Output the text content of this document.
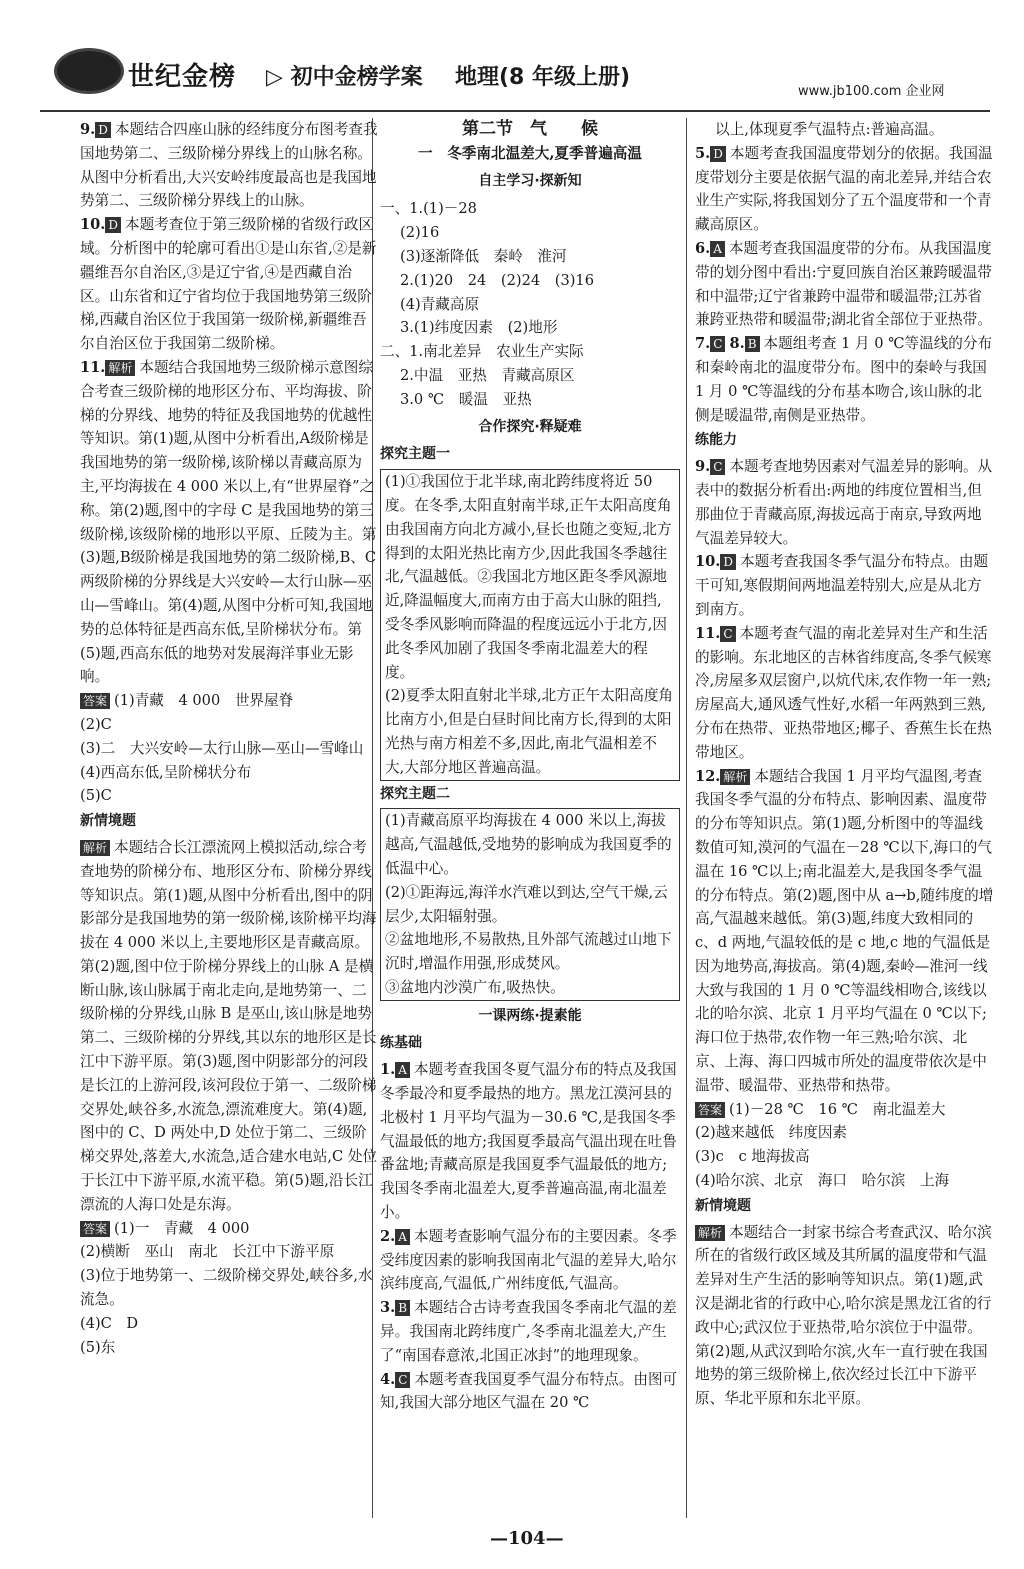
世纪金榜 ▷ 初中金榜学案 地理(8 年级上册)
www.jb100.com 企业网

9. D 本题结合四座山脉的经纬度分布图考查我国地势第二、三级阶梯分界线上的山脉名称。从图中分析看出,大兴安岭纬度最高也是我国地势第二、三级阶梯分界线上的山脉。

10. D 本题考查位于第三级阶梯的省级行政区域。分析图中的轮廓可看出①是山东省,②是新疆维吾尔自治区,③是辽宁省,④是西藏自治区。山东省和辽宁省均位于我国地势第三级阶梯,西藏自治区位于我国第一级阶梯,新疆维吾尔自治区位于我国第二级阶梯。

11. 解析 本题结合我国地势三级阶梯示意图综合考查三级阶梯的地形区分布、平均海拔、阶梯的分界线、地势的特征及我国地势的优越性等知识。第(1)题,从图中分析看出,A级阶梯是我国地势的第一级阶梯,该阶梯以青藏高原为主,平均海拔在 4 000 米以上,有“世界屋脊”之称。第(2)题,图中的字母 C 是我国地势的第三级阶梯,该级阶梯的地形以平原、丘陵为主。第(3)题,B级阶梯是我国地势的第二级阶梯,B、C两级阶梯的分界线是大兴安岭—太行山脉—巫山—雪峰山。第(4)题,从图中分析可知,我国地势的总体特征是西高东低,呈阶梯状分布。第(5)题,西高东低的地势对发展海洋事业无影响。

答案 (1)青藏　4 000　世界屋脊

(2)C

(3)二　大兴安岭—太行山脉—巫山—雪峰山

(4)西高东低,呈阶梯状分布

(5)C

新情境题

解析 本题结合长江漂流网上模拟活动,综合考查地势的阶梯分布、地形区分布、阶梯分界线等知识点。第(1)题,从图中分析看出,图中的阴影部分是我国地势的第一级阶梯,该阶梯平均海拔在 4 000 米以上,主要地形区是青藏高原。第(2)题,图中位于阶梯分界线上的山脉 A 是横断山脉,该山脉属于南北走向,是地势第一、二级阶梯的分界线,山脉 B 是巫山,该山脉是地势第二、三级阶梯的分界线,其以东的地形区是长江中下游平原。第(3)题,图中阴影部分的河段是长江的上游河段,该河段位于第一、二级阶梯交界处,峡谷多,水流急,漂流难度大。第(4)题,图中的 C、D 两处中,D 处位于第二、三级阶梯交界处,落差大,水流急,适合建水电站,C 处位于长江中下游平原,水流平稳。第(5)题,沿长江漂流的人海口处是东海。

答案 (1)一　青藏　4 000

(2)横断　巫山　南北　长江中下游平原

(3)位于地势第一、二级阶梯交界处,峡谷多,水流急。

(4)C　D

(5)东

第二节　气　　候

一　冬季南北温差大,夏季普遍高温

自主学习·探新知

一、1.(1)－28

(2)16

(3)逐渐降低　秦岭　淮河

2.(1)20　24　(2)24　(3)16

(4)青藏高原

3.(1)纬度因素　(2)地形

二、1.南北差异　农业生产实际

2.中温　亚热　青藏高原区

3.0 ℃　暖温　亚热

合作探究·释疑难
探究主题一

(1)①我国位于北半球,南北跨纬度将近 50 度。在冬季,太阳直射南半球,正午太阳高度角由我国南方向北方减小,昼长也随之变短,北方得到的太阳光热比南方少,因此我国冬季越往北,气温越低。②我国北方地区距冬季风源地近,降温幅度大,而南方由于高大山脉的阻挡,受冬季风影响而降温的程度远远小于北方,因此冬季风加剧了我国冬季南北温差大的程度。

(2)夏季太阳直射北半球,北方正午太阳高度角比南方小,但是白昼时间比南方长,得到的太阳光热与南方相差不多,因此,南北气温相差不大,大部分地区普遍高温。

探究主题二

(1)青藏高原平均海拔在 4 000 米以上,海拔越高,气温越低,受地势的影响成为我国夏季的低温中心。

(2)①距海远,海洋水汽难以到达,空气干燥,云层少,太阳辐射强。

②盆地地形,不易散热,且外部气流越过山地下沉时,增温作用强,形成焚风。

③盆地内沙漠广布,吸热快。

一课两练·提素能
练基础

1. A 本题考查我国冬夏气温分布的特点及我国冬季最冷和夏季最热的地方。黑龙江漠河县的北极村 1 月平均气温为－30.6 ℃,是我国冬季气温最低的地方;我国夏季最高气温出现在吐鲁番盆地;青藏高原是我国夏季气温最低的地方;我国冬季南北温差大,夏季普遍高温,南北温差小。

2. A 本题考查影响气温分布的主要因素。冬季受纬度因素的影响我国南北气温的差异大,哈尔滨纬度高,气温低,广州纬度低,气温高。

3. B 本题结合古诗考查我国冬季南北气温的差异。我国南北跨纬度广,冬季南北温差大,产生了“南国春意浓,北国正冰封”的地理现象。

4. C 本题考查我国夏季气温分布特点。由图可知,我国大部分地区气温在 20 ℃

以上,体现夏季气温特点:普遍高温。

5. D 本题考查我国温度带划分的依据。我国温度带划分主要是依据气温的南北差异,并结合农业生产实际,将我国划分了五个温度带和一个青藏高原区。

6. A 本题考查我国温度带的分布。从我国温度带的划分图中看出:宁夏回族自治区兼跨暖温带和中温带;辽宁省兼跨中温带和暖温带;江苏省兼跨亚热带和暖温带;湖北省全部位于亚热带。

7. C 8. B 本题组考查 1 月 0 ℃等温线的分布和秦岭南北的温度带分布。图中的秦岭与我国 1 月 0 ℃等温线的分布基本吻合,该山脉的北侧是暖温带,南侧是亚热带。

练能力

9. C 本题考查地势因素对气温差异的影响。从表中的数据分析看出:两地的纬度位置相当,但那曲位于青藏高原,海拔远高于南京,导致两地气温差异较大。

10. D 本题考查我国冬季气温分布特点。由题干可知,寒假期间两地温差特别大,应是从北方到南方。

11. C 本题考查气温的南北差异对生产和生活的影响。东北地区的吉林省纬度高,冬季气候寒冷,房屋多双层窗户,以炕代床,农作物一年一熟;房屋高大,通风透气性好,水稻一年两熟到三熟,分布在热带、亚热带地区;椰子、香蕉生长在热带地区。

12. 解析 本题结合我国 1 月平均气温图,考查我国冬季气温的分布特点、影响因素、温度带的分布等知识点。第(1)题,分析图中的等温线数值可知,漠河的气温在－28 ℃以下,海口的气温在 16 ℃以上;南北温差大,是我国冬季气温的分布特点。第(2)题,图中从 a→b,随纬度的增高,气温越来越低。第(3)题,纬度大致相同的 c、d 两地,气温较低的是 c 地,c 地的气温低是因为地势高,海拔高。第(4)题,秦岭—淮河一线大致与我国的 1 月 0 ℃等温线相吻合,该线以北的哈尔滨、北京 1 月平均气温在 0 ℃以下;海口位于热带,农作物一年三熟;哈尔滨、北京、上海、海口四城市所处的温度带依次是中温带、暖温带、亚热带和热带。

答案 (1)－28 ℃　16 ℃　南北温差大

(2)越来越低　纬度因素

(3)c　c 地海拔高

(4)哈尔滨、北京　海口　哈尔滨　上海

新情境题

解析 本题结合一封家书综合考查武汉、哈尔滨所在的省级行政区域及其所属的温度带和气温差异对生产生活的影响等知识点。第(1)题,武汉是湖北省的行政中心,哈尔滨是黑龙江省的行政中心;武汉位于亚热带,哈尔滨位于中温带。第(2)题,从武汉到哈尔滨,火车一直行驶在我国地势的第三级阶梯上,依次经过长江中下游平原、华北平原和东北平原。

—104—
